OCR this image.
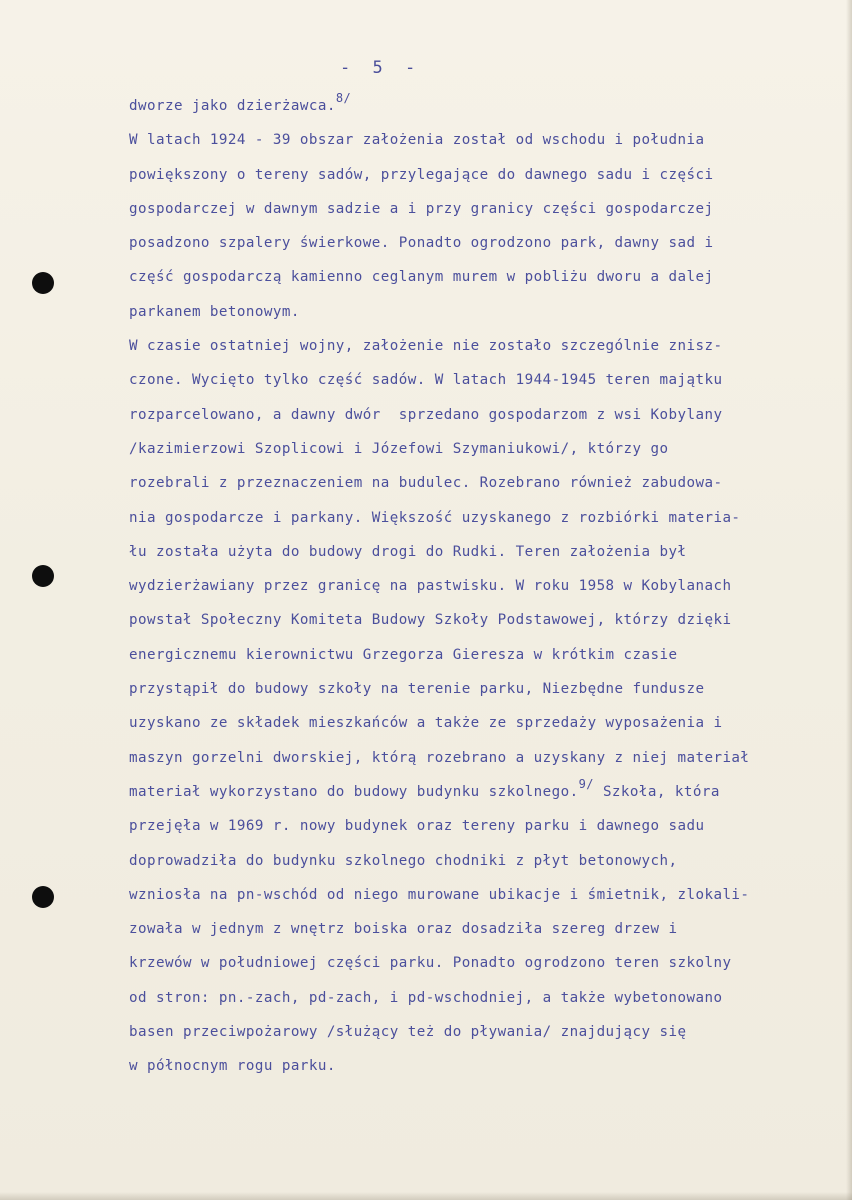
- 5 -
dworze jako dzierżawca.$^{8/}$
W latach 1924 - 39 obszar założenia został od wschodu i południa
powiększony o tereny sadów, przylegające do dawnego sadu i części
gospodarczej w dawnym sadzie a i przy granicy części gospodarczej
posadzono szpalery świerkowe. Ponadto ogrodzono park, dawny sad i
część gospodarczą kamienno ceglanym murem w pobliżu dworu a dalej
parkanem betonowym.
W czasie ostatniej wojny, założenie nie zostało szczególnie znisz-
czone. Wycięto tylko część sadów. W latach 1944-1945 teren majątku
rozparcelowano, a dawny dwór  sprzedano gospodarzom z wsi Kobylany
/kazimierzowi Szoplicowi i Józefowi Szymaniukowi/, którzy go
rozebrali z przeznaczeniem na budulec. Rozebrano również zabudowa-
nia gospodarcze i parkany. Większość uzyskanego z rozbiórki materia-
łu została użyta do budowy drogi do Rudki. Teren założenia był
wydzierżawiany przez granicę na pastwisku. W roku 1958 w Kobylanach
powstał Społeczny Komiteta Budowy Szkoły Podstawowej, którzy dzięki
energicznemu kierownictwu Grzegorza Gieresza w krótkim czasie
przystąpił do budowy szkoły na terenie parku, Niezbędne fundusze
uzyskano ze składek mieszkańców a także ze sprzedaży wyposażenia i
maszyn gorzelni dworskiej, którą rozebrano a uzyskany z niej materiał
materiał wykorzystano do budowy budynku szkolnego.$^{9/}$ Szkoła, która
przejęła w 1969 r. nowy budynek oraz tereny parku i dawnego sadu
doprowadziła do budynku szkolnego chodniki z płyt betonowych,
wzniosła na pn-wschód od niego murowane ubikacje i śmietnik, zlokali-
zowała w jednym z wnętrz boiska oraz dosadziła szereg drzew i
krzewów w południowej części parku. Ponadto ogrodzono teren szkolny
od stron: pn.-zach, pd-zach, i pd-wschodniej, a także wybetonowano
basen przeciwpożarowy /służący też do pływania/ znajdujący się
w północnym rogu parku.
